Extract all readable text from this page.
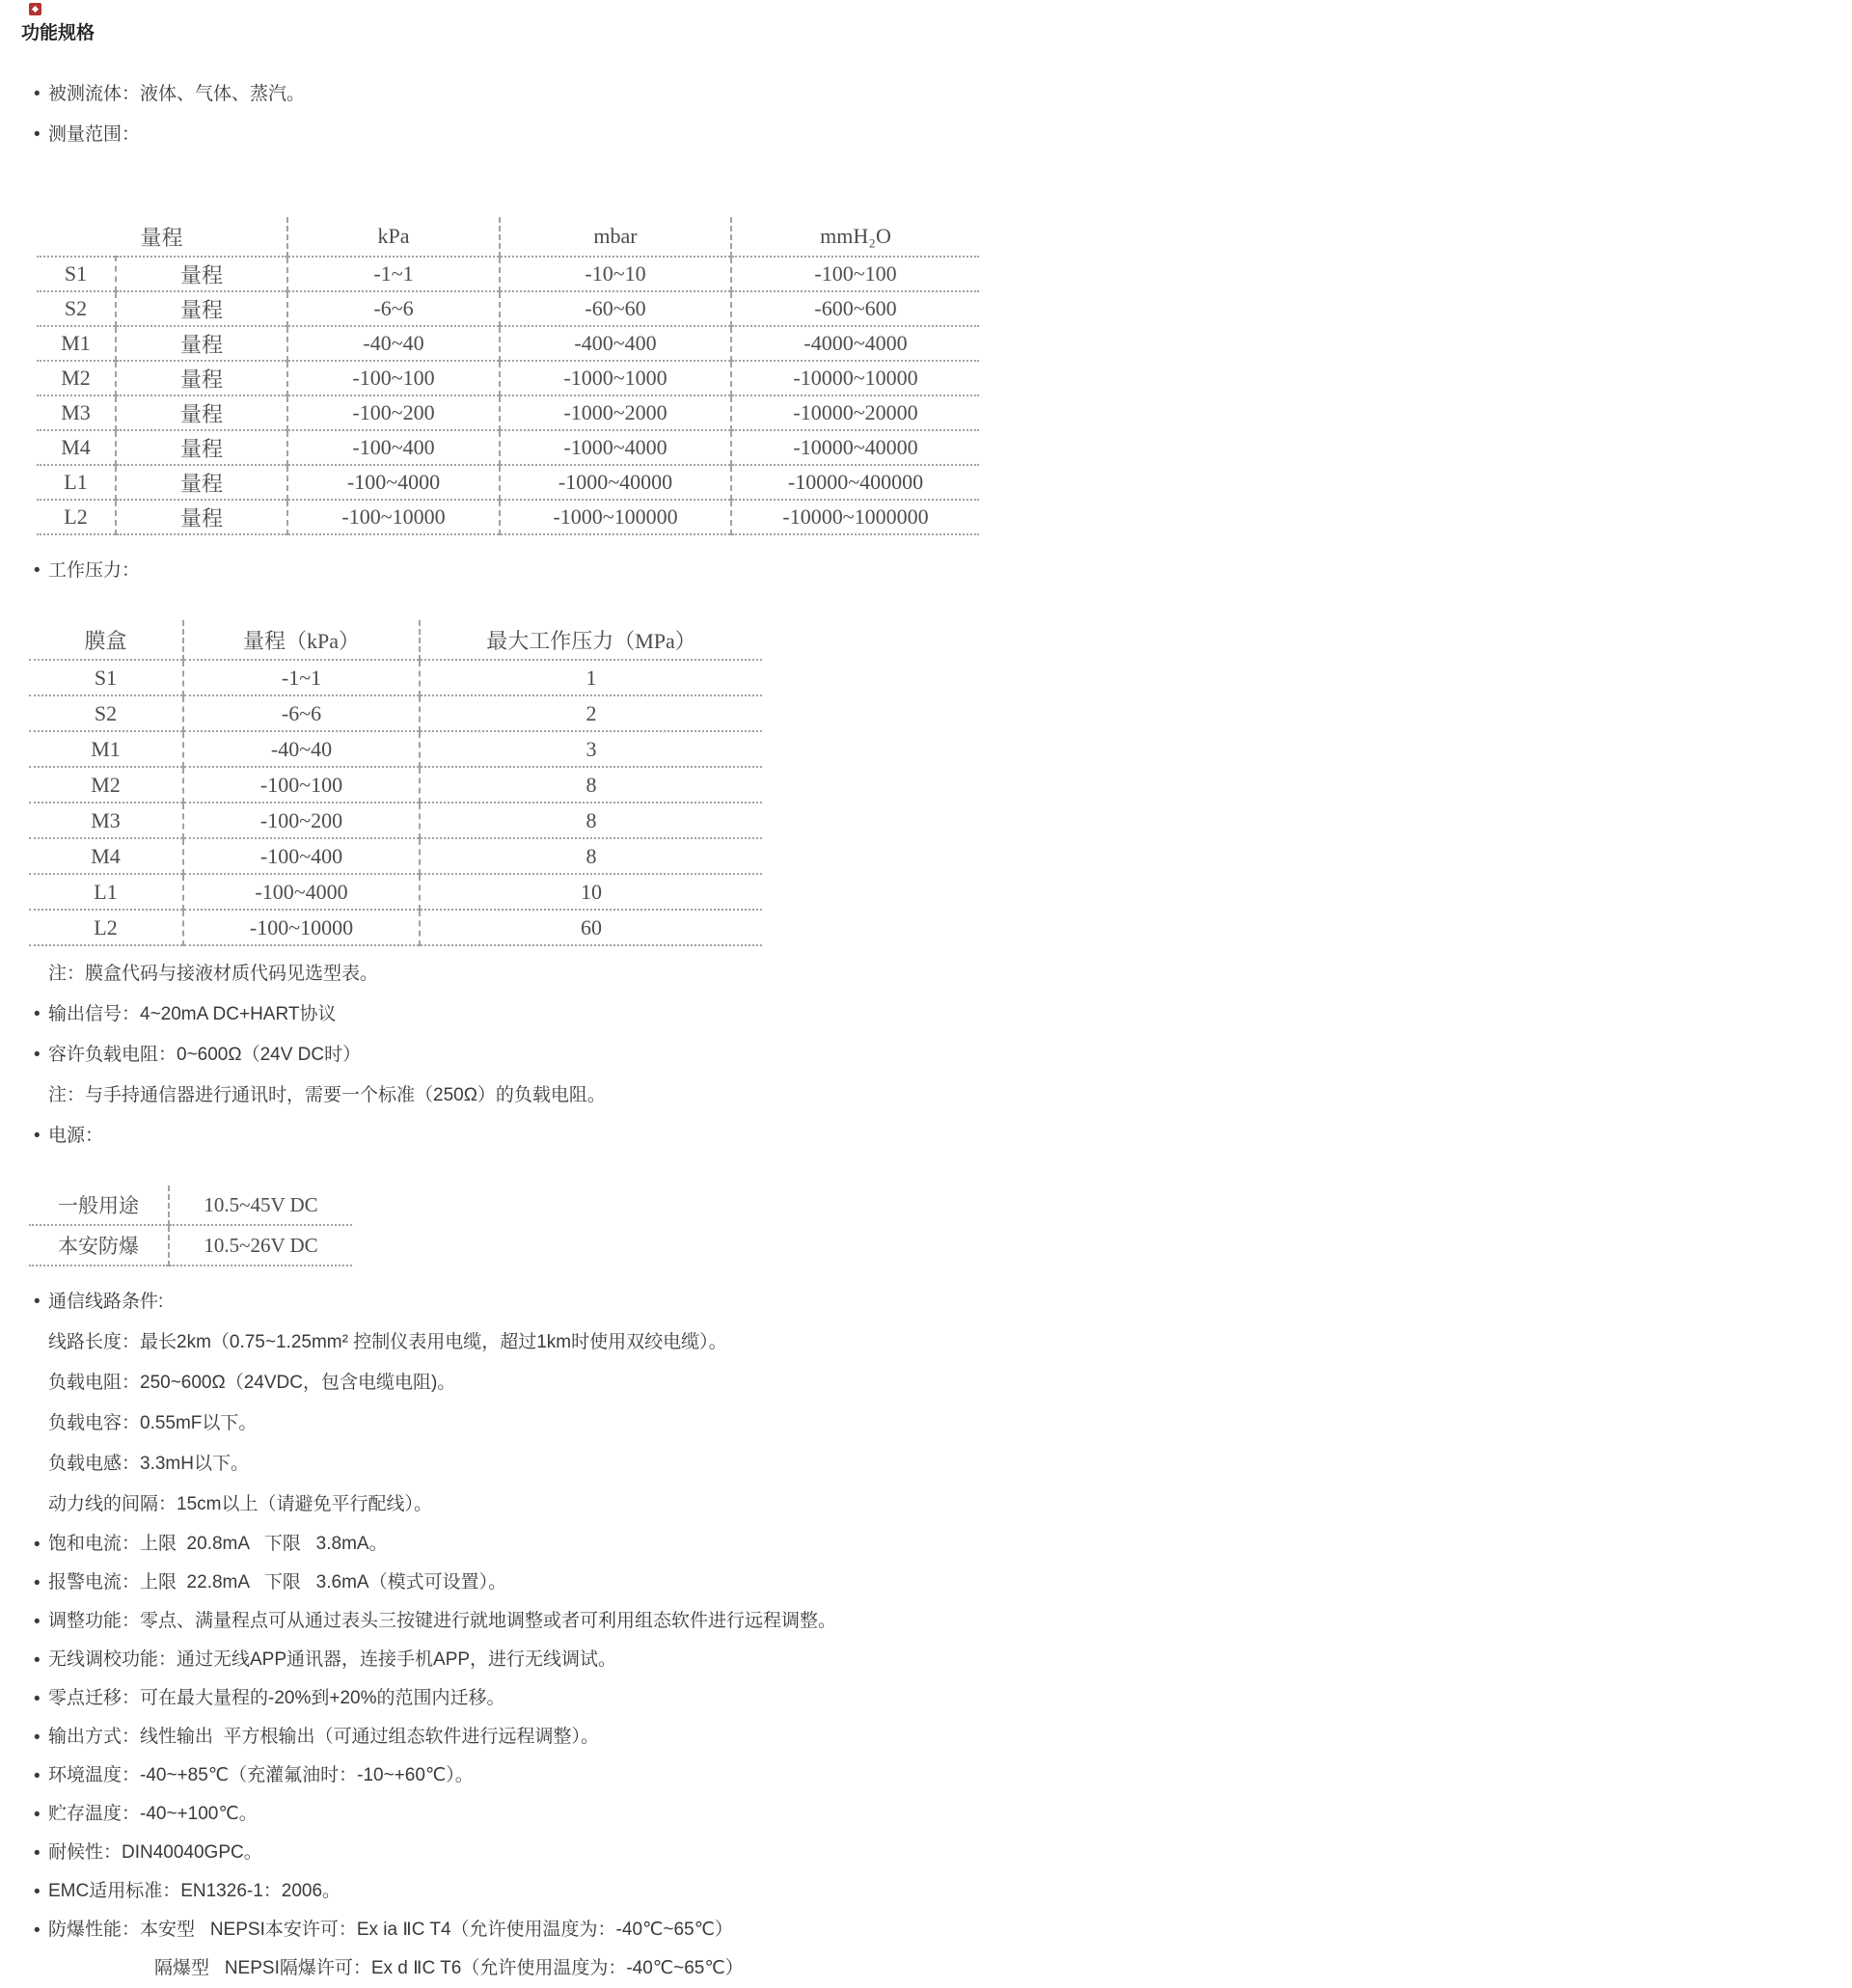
功能规格

• 被测流体：液体、气体、蒸汽。

• 测量范围：

量程		kPa	mbar	mmH₂O
S1	量程	-1~1	-10~10	-100~100
S2	量程	-6~6	-60~60	-600~600
M1	量程	-40~40	-400~400	-4000~4000
M2	量程	-100~100	-1000~1000	-10000~10000
M3	量程	-100~200	-1000~2000	-10000~20000
M4	量程	-100~400	-1000~4000	-10000~40000
L1	量程	-100~4000	-1000~40000	-10000~400000
L2	量程	-100~10000	-1000~100000	-10000~1000000

• 工作压力：

膜盒	量程（kPa）	最大工作压力（MPa）
S1	-1~1	1
S2	-6~6	2
M1	-40~40	3
M2	-100~100	8
M3	-100~200	8
M4	-100~400	8
L1	-100~4000	10
L2	-100~10000	60

注：膜盒代码与接液材质代码见选型表。

• 输出信号：4~20mA DC+HART协议

• 容许负载电阻：0~600Ω（24V DC时）

注：与手持通信器进行通讯时，需要一个标准（250Ω）的负载电阻。

• 电源：

一般用途	10.5~45V DC
本安防爆	10.5~26V DC

• 通信线路条件:

线路长度：最长2km（0.75~1.25mm² 控制仪表用电缆，超过1km时使用双绞电缆）。

负载电阻：250~600Ω（24VDC，包含电缆电阻)。

负载电容：0.55mF以下。

负载电感：3.3mH以下。

动力线的间隔：15cm以上（请避免平行配线）。

• 饱和电流：上限  20.8mA   下限   3.8mA。

• 报警电流：上限  22.8mA   下限   3.6mA（模式可设置）。

• 调整功能：零点、满量程点可从通过表头三按键进行就地调整或者可利用组态软件进行远程调整。

• 无线调校功能：通过无线APP通讯器，连接手机APP，进行无线调试。

• 零点迁移：可在最大量程的-20%到+20%的范围内迁移。

• 输出方式：线性输出  平方根输出（可通过组态软件进行远程调整）。

• 环境温度：-40~+85℃（充灌氟油时：-10~+60℃）。

• 贮存温度：-40~+100℃。

• 耐候性：DIN40040GPC。

• EMC适用标准：EN1326-1：2006。

• 防爆性能：本安型   NEPSI本安许可：Ex ia ⅡC T4（允许使用温度为：-40℃~65℃）

隔爆型   NEPSI隔爆许可：Ex d ⅡC T6（允许使用温度为：-40℃~65℃）
